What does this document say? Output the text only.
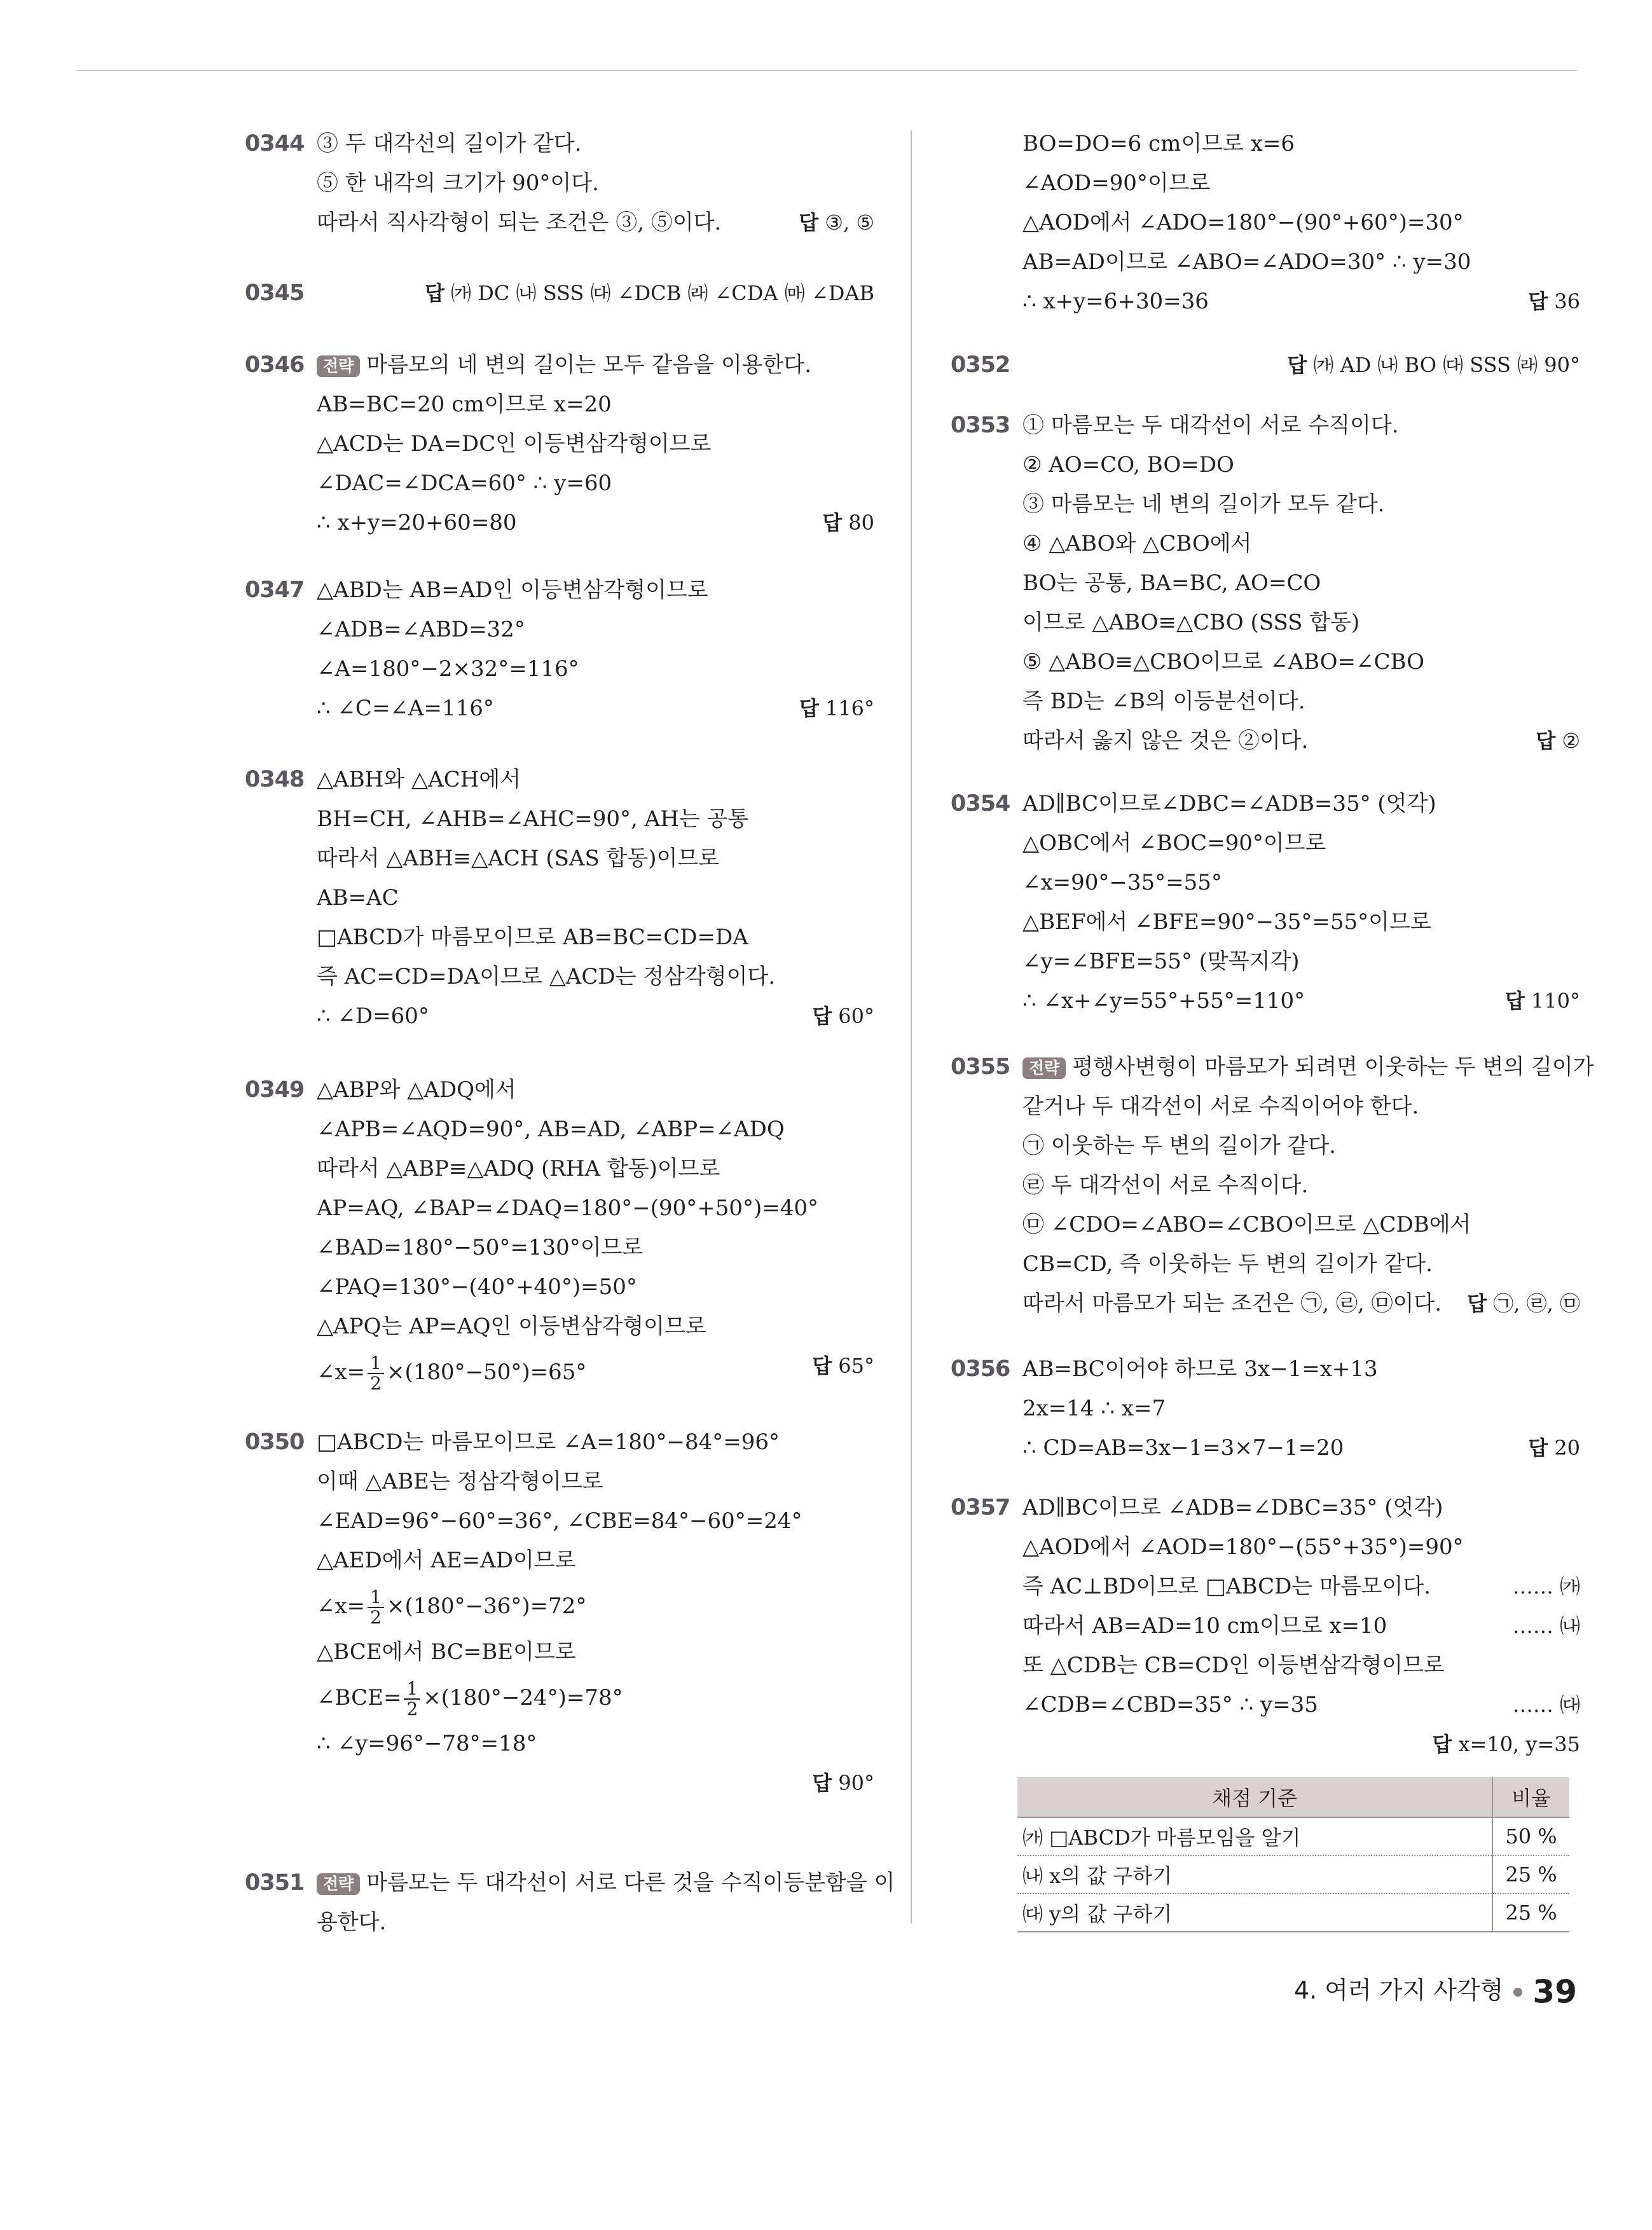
0344 ③ 두 대각선의 길이가 같다.
⑤ 한 내각의 크기가 90°이다.
따라서 직사각형이 되는 조건은 ③, ⑤이다.	답 ③, ⑤
0345	답 ㈎ DC ㈏ SSS ㈐ ∠DCB ㈑ ∠CDA ㈒ ∠DAB
0346	전략 마름모의 네 변의 길이는 모두 같음을 이용한다.
AB=BC=20 cm이므로 x=20
△ACD는 DA=DC인 이등변삼각형이므로
∠DAC=∠DCA=60° ∴ y=60
∴ x+y=20+60=80	답 80
0347 △ABD는 AB=AD인 이등변삼각형이므로
∠ADB=∠ABD=32°
∠A=180°−2×32°=116°
∴ ∠C=∠A=116°	답 116°
0348 △ABH와 △ACH에서
BH=CH, ∠AHB=∠AHC=90°, AH는 공통
따라서 △ABH≡△ACH (SAS 합동)이므로
AB=AC
□ABCD가 마름모이므로 AB=BC=CD=DA
즉 AC=CD=DA이므로 △ACD는 정삼각형이다.
∴ ∠D=60°	답 60°
0349 △ABP와 △ADQ에서
∠APB=∠AQD=90°, AB=AD, ∠ABP=∠ADQ
따라서 △ABP≡△ADQ (RHA 합동)이므로
AP=AQ, ∠BAP=∠DAQ=180°−(90°+50°)=40°
∠BAD=180°−50°=130°이므로
∠PAQ=130°−(40°+40°)=50°
△APQ는 AP=AQ인 이등변삼각형이므로
∠x= $\frac{1}{2} \times(180^\circ-50^\circ)=65^\circ$	답 65°
0350 □ABCD는 마름모이므로 ∠A=180°−84°=96°
이때 △ABE는 정삼각형이므로
∠EAD=96°−60°=36°, ∠CBE=84°−60°=24°
△AED에서 AE=AD이므로
∠x= $\frac{1}{2} \times(180^\circ-36^\circ)=72^\circ$
△BCE에서 BC=BE이므로
∠BCE= $\frac{1}{2} \times(180^\circ-24^\circ)=78^\circ$
∴ ∠y=96°−78°=18°
답 90°
0351	전략 마름모는 두 대각선이 서로 다른 것을 수직이등분함을 이
용한다.
BO=DO=6 cm이므로 x=6
∠AOD=90°이므로
△AOD에서 ∠ADO=180°−(90°+60°)=30°
AB=AD이므로 ∠ABO=∠ADO=30° ∴ y=30
∴ x+y=6+30=36	답 36
0352	답 ㈎ AD ㈏ BO ㈐ SSS ㈑ 90°
0353 ① 마름모는 두 대각선이 서로 수직이다.
② AO=CO, BO=DO
③ 마름모는 네 변의 길이가 모두 같다.
④ △ABO와 △CBO에서
BO는 공통, BA=BC, AO=CO
이므로 △ABO≡△CBO (SSS 합동)
⑤ △ABO≡△CBO이므로 ∠ABO=∠CBO
즉 BD는 ∠B의 이등분선이다.
따라서 옳지 않은 것은 ②이다.	답 ②
0354 AD∥BC이므로∠DBC=∠ADB=35° (엇각)
△OBC에서 ∠BOC=90°이므로
∠x=90°−35°=55°
△BEF에서 ∠BFE=90°−35°=55°이므로
∠y=∠BFE=55° (맞꼭지각)
∴ ∠x+∠y=55°+55°=110°	답 110°
0355	전략 평행사변형이 마름모가 되려면 이웃하는 두 변의 길이가
같거나 두 대각선이 서로 수직이어야 한다.
㉠ 이웃하는 두 변의 길이가 같다.
㉣ 두 대각선이 서로 수직이다.
㉤ ∠CDO=∠ABO=∠CBO이므로 △CDB에서
CB=CD, 즉 이웃하는 두 변의 길이가 같다.
따라서 마름모가 되는 조건은 ㉠, ㉣, ㉤이다. 답 ㉠, ㉣, ㉤
0356 AB=BC이어야 하므로 3x−1=x+13
2x=14 ∴ x=7
∴ CD=AB=3x−1=3×7−1=20	답 20
0357 AD∥BC이므로 ∠ADB=∠DBC=35° (엇각)
△AOD에서 ∠AOD=180°−(55°+35°)=90°
즉 AC⊥BD이므로 □ABCD는 마름모이다.	…… ㈎
따라서 AB=AD=10 cm이므로 x=10	…… ㈏
또 △CDB는 CB=CD인 이등변삼각형이므로
∠CDB=∠CBD=35° ∴ y=35	…… ㈐
답 x=10, y=35
채점 기준	비율
㈎ □ABCD가 마름모임을 알기	50 %
㈏ x의 값 구하기	25 %
㈐ y의 값 구하기	25 %
4. 여러 가지 사각형 39
